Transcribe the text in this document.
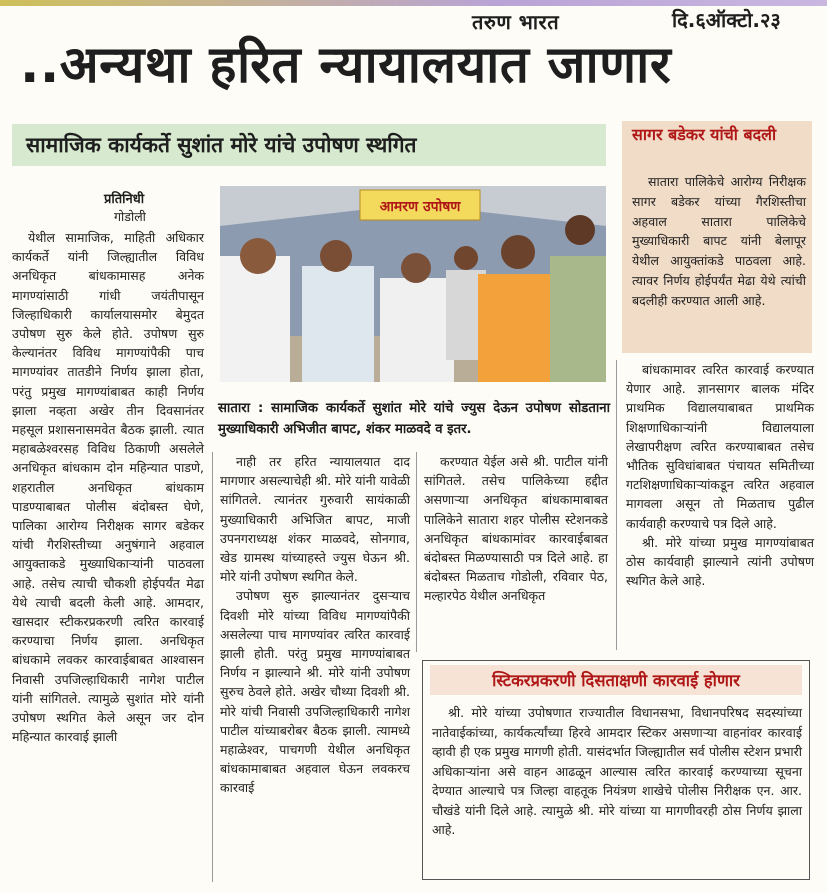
तरुण भारत	दि.६ऑक्टो.२३
..अन्यथा हरित न्यायालयात जाणार
सामाजिक कार्यकर्ते सुशांत मोरे यांचे उपोषण स्थगित	सागर बडेकर यांची बदली

सातारा पालिकेचे आरोग्य निरीक्षक सागर बडेकर यांच्या गैरशिस्तीचा अहवाल सातारा पालिकेचे मुख्याधिकारी बापट यांनी बेलापूर येथील आयुक्तांकडे पाठवला आहे. त्यावर निर्णय होईपर्यंत मेढा येथे त्यांची बदलीही करण्यात आली आहे.

प्रतिनिधी
गोडोली

येथील सामाजिक, माहिती अधिकार कार्यकर्ते यांनी जिल्ह्यातील विविध अनधिकृत बांधकामासह अनेक मागण्यांसाठी गांधी जयंतीपासून जिल्हाधिकारी कार्यालयासमोर बेमुदत उपोषण सुरु केले होते. उपोषण सुरु केल्यानंतर विविध मागण्यांपैकी पाच मागण्यांवर तातडीने निर्णय झाला होता, परंतु प्रमुख मागण्यांबाबत काही निर्णय झाला नव्हता अखेर तीन दिवसानंतर महसूल प्रशासनासमवेत बैठक झाली. त्यात महाबळेश्वरसह विविध ठिकाणी असलेले अनधिकृत बांधकाम दोन महिन्यात पाडणे, शहरातील अनधिकृत बांधकाम पाडण्याबाबत पोलीस बंदोबस्त घेणे, पालिका आरोग्य निरीक्षक सागर बडेकर यांची गैरशिस्तीच्या अनुषंगाने अहवाल आयुक्ताकडे मुख्याधिकाऱ्यांनी पाठवला आहे. तसेच त्याची चौकशी होईपर्यंत मेढा येथे त्याची बदली केली आहे. आमदार, खासदार स्टीकरप्रकरणी त्वरित कारवाई करण्याचा निर्णय झाला. अनधिकृत बांधकामे लवकर कारवाईबाबत आश्वासन निवासी उपजिल्हाधिकारी नागेश पाटील यांनी सांगितले. त्यामुळे सुशांत मोरे यांनी उपोषण स्थगित केले असून जर दोन महिन्यात कारवाई झाली

आमरण उपोषण
सातारा : सामाजिक कार्यकर्ते सुशांत मोरे यांचे ज्युस देऊन उपोषण सोडताना मुख्याधिकारी अभिजीत बापट, शंकर माळवदे व इतर.

नाही तर हरित न्यायालयात दाद मागणार असल्याचेही श्री. मोरे यांनी यावेळी सांगितले. त्यानंतर गुरुवारी सायंकाळी मुख्याधिकारी अभिजित बापट, माजी उपनगराध्यक्ष शंकर माळवदे, सोनगाव, खेड ग्रामस्थ यांच्याहस्ते ज्युस घेऊन श्री. मोरे यांनी उपोषण स्थगित केले.

उपोषण सुरु झाल्यानंतर दुसऱ्याच दिवशी मोरे यांच्या विविध मागण्यांपैकी असलेल्या पाच मागण्यांवर त्वरित कारवाई झाली होती. परंतु प्रमुख मागण्यांबाबत निर्णय न झाल्याने श्री. मोरे यांनी उपोषण सुरुच ठेवले होते. अखेर चौथ्या दिवशी श्री. मोरे यांची निवासी उपजिल्हाधिकारी नागेश पाटील यांच्याबरोबर बैठक झाली. त्यामध्ये महाळेश्वर, पाचगणी येथील अनधिकृत बांधकामाबाबत अहवाल घेऊन लवकरच कारवाई

करण्यात येईल असे श्री. पाटील यांनी सांगितले. तसेच पालिकेच्या हद्दीत असणाऱ्या अनधिकृत बांधकामाबाबत पालिकेने सातारा शहर पोलीस स्टेशनकडे अनधिकृत बांधकामांवर कारवाईबाबत बंदोबस्त मिळण्यासाठी पत्र दिले आहे. हा बंदोबस्त मिळताच गोडोली, रविवार पेठ, मल्हारपेठ येथील अनधिकृत

बांधकामावर त्वरित कारवाई करण्यात येणार आहे. ज्ञानसागर बालक मंदिर प्राथमिक विद्यालयाबाबत प्राथमिक शिक्षणाधिकाऱ्यांनी विद्यालयाला लेखापरीक्षण त्वरित करण्याबाबत तसेच भौतिक सुविधांबाबत पंचायत समितीच्या गटशिक्षणाधिकाऱ्यांकडून त्वरित अहवाल मागवला असून तो मिळताच पुढील कार्यवाही करण्याचे पत्र दिले आहे.

श्री. मोरे यांच्या प्रमुख मागण्यांबाबत ठोस कार्यवाही झाल्याने त्यांनी उपोषण स्थगित केले आहे.

स्टिकरप्रकरणी दिसताक्षणी कारवाई होणार

श्री. मोरे यांच्या उपोषणात राज्यातील विधानसभा, विधानपरिषद सदस्यांच्या नातेवाईकांच्या, कार्यकर्त्यांच्या हिरवे आमदार स्टिकर असणाऱ्या वाहनांवर कारवाई व्हावी ही एक प्रमुख मागणी होती. यासंदर्भात जिल्ह्यातील सर्व पोलीस स्टेशन प्रभारी अधिकाऱ्यांना असे वाहन आढळून आल्यास त्वरित कारवाई करण्याच्या सूचना देण्यात आल्याचे पत्र जिल्हा वाहतूक नियंत्रण शाखेचे पोलीस निरीक्षक एन. आर. चौखंडे यांनी दिले आहे. त्यामुळे श्री. मोरे यांच्या या मागणीवरही ठोस निर्णय झाला आहे.
